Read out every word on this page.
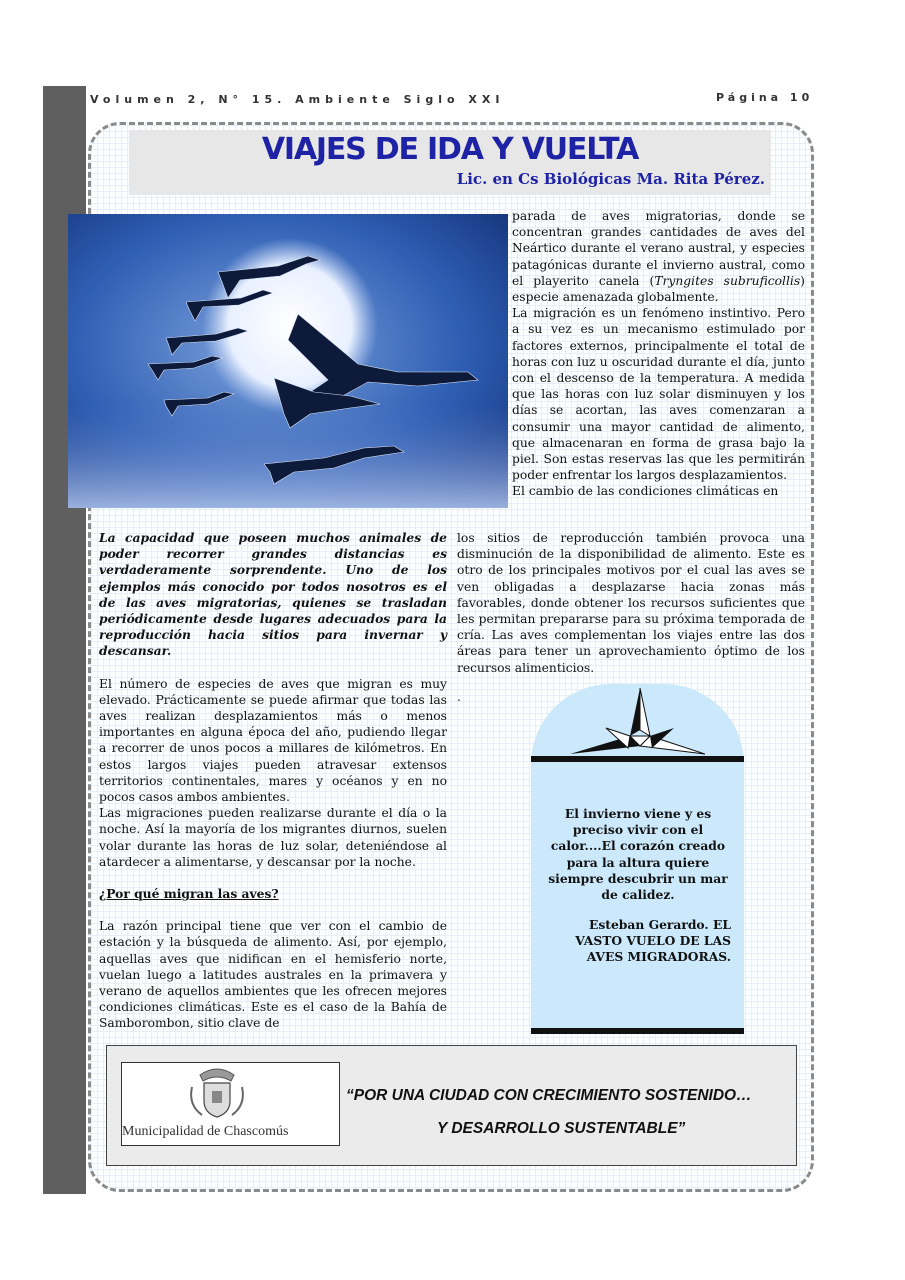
Volumen 2, N° 15. Ambiente Siglo XXI	Página 10
VIAJES DE IDA Y VUELTA
Lic. en Cs Biológicas Ma. Rita Pérez.

La capacidad que poseen muchos animales de poder recorrer grandes distancias es verdaderamente sorprendente. Uno de los ejemplos más conocido por todos nosotros es el de las aves migratorias, quienes se trasladan periódicamente desde lugares adecuados para la reproducción hacia sitios para invernar y descansar.

El número de especies de aves que migran es muy elevado. Prácticamente se puede afirmar que todas las aves realizan desplazamientos más o menos importantes en alguna época del año, pudiendo llegar a recorrer de unos pocos a millares de kilómetros. En estos largos viajes pueden atravesar extensos territorios continentales, mares y océanos y en no pocos casos ambos ambientes.

Las migraciones pueden realizarse durante el día o la noche. Así la mayoría de los migrantes diurnos, suelen volar durante las horas de luz solar, deteniéndose al atardecer a alimentarse, y descansar por la noche.

¿Por qué migran las aves?

La razón principal tiene que ver con el cambio de estación y la búsqueda de alimento. Así, por ejemplo, aquellas aves que nidifican en el hemisferio norte, vuelan luego a latitudes australes en la primavera y verano de aquellos ambientes que les ofrecen mejores condiciones climáticas. Este es el caso de la Bahía de Samborombon, sitio clave de

parada de aves migratorias, donde se concentran grandes cantidades de aves del Neártico durante el verano austral, y especies patagónicas durante el invierno austral, como el playerito canela (Tryngites subruficollis) especie amenazada globalmente.

La migración es un fenómeno instintivo. Pero a su vez es un mecanismo estimulado por factores externos, principalmente el total de horas con luz u oscuridad durante el día, junto con el descenso de la temperatura. A medida que las horas con luz solar disminuyen y los días se acortan, las aves comenzaran a consumir una mayor cantidad de alimento, que almacenaran en forma de grasa bajo la piel. Son estas reservas las que les permitirán poder enfrentar los largos desplazamientos.

El cambio de las condiciones climáticas en

los sitios de reproducción también provoca una disminución de la disponibilidad de alimento. Este es otro de los principales motivos por el cual las aves se ven obligadas a desplazarse hacia zonas más favorables, donde obtener los recursos suficientes que les permitan prepararse para su próxima temporada de cría. Las aves complementan los viajes entre las dos áreas para tener un aprovechamiento óptimo de los recursos alimenticios.

.
El invierno viene y es preciso vivir con el calor....El corazón creado para la altura quiere siempre descubrir un mar de calidez.
Esteban Gerardo. EL VASTO VUELO DE LAS AVES MIGRADORAS.
Municipalidad de Chascomús
“POR UNA CIUDAD CON CRECIMIENTO SOSTENIDO…
Y DESARROLLO SUSTENTABLE”
